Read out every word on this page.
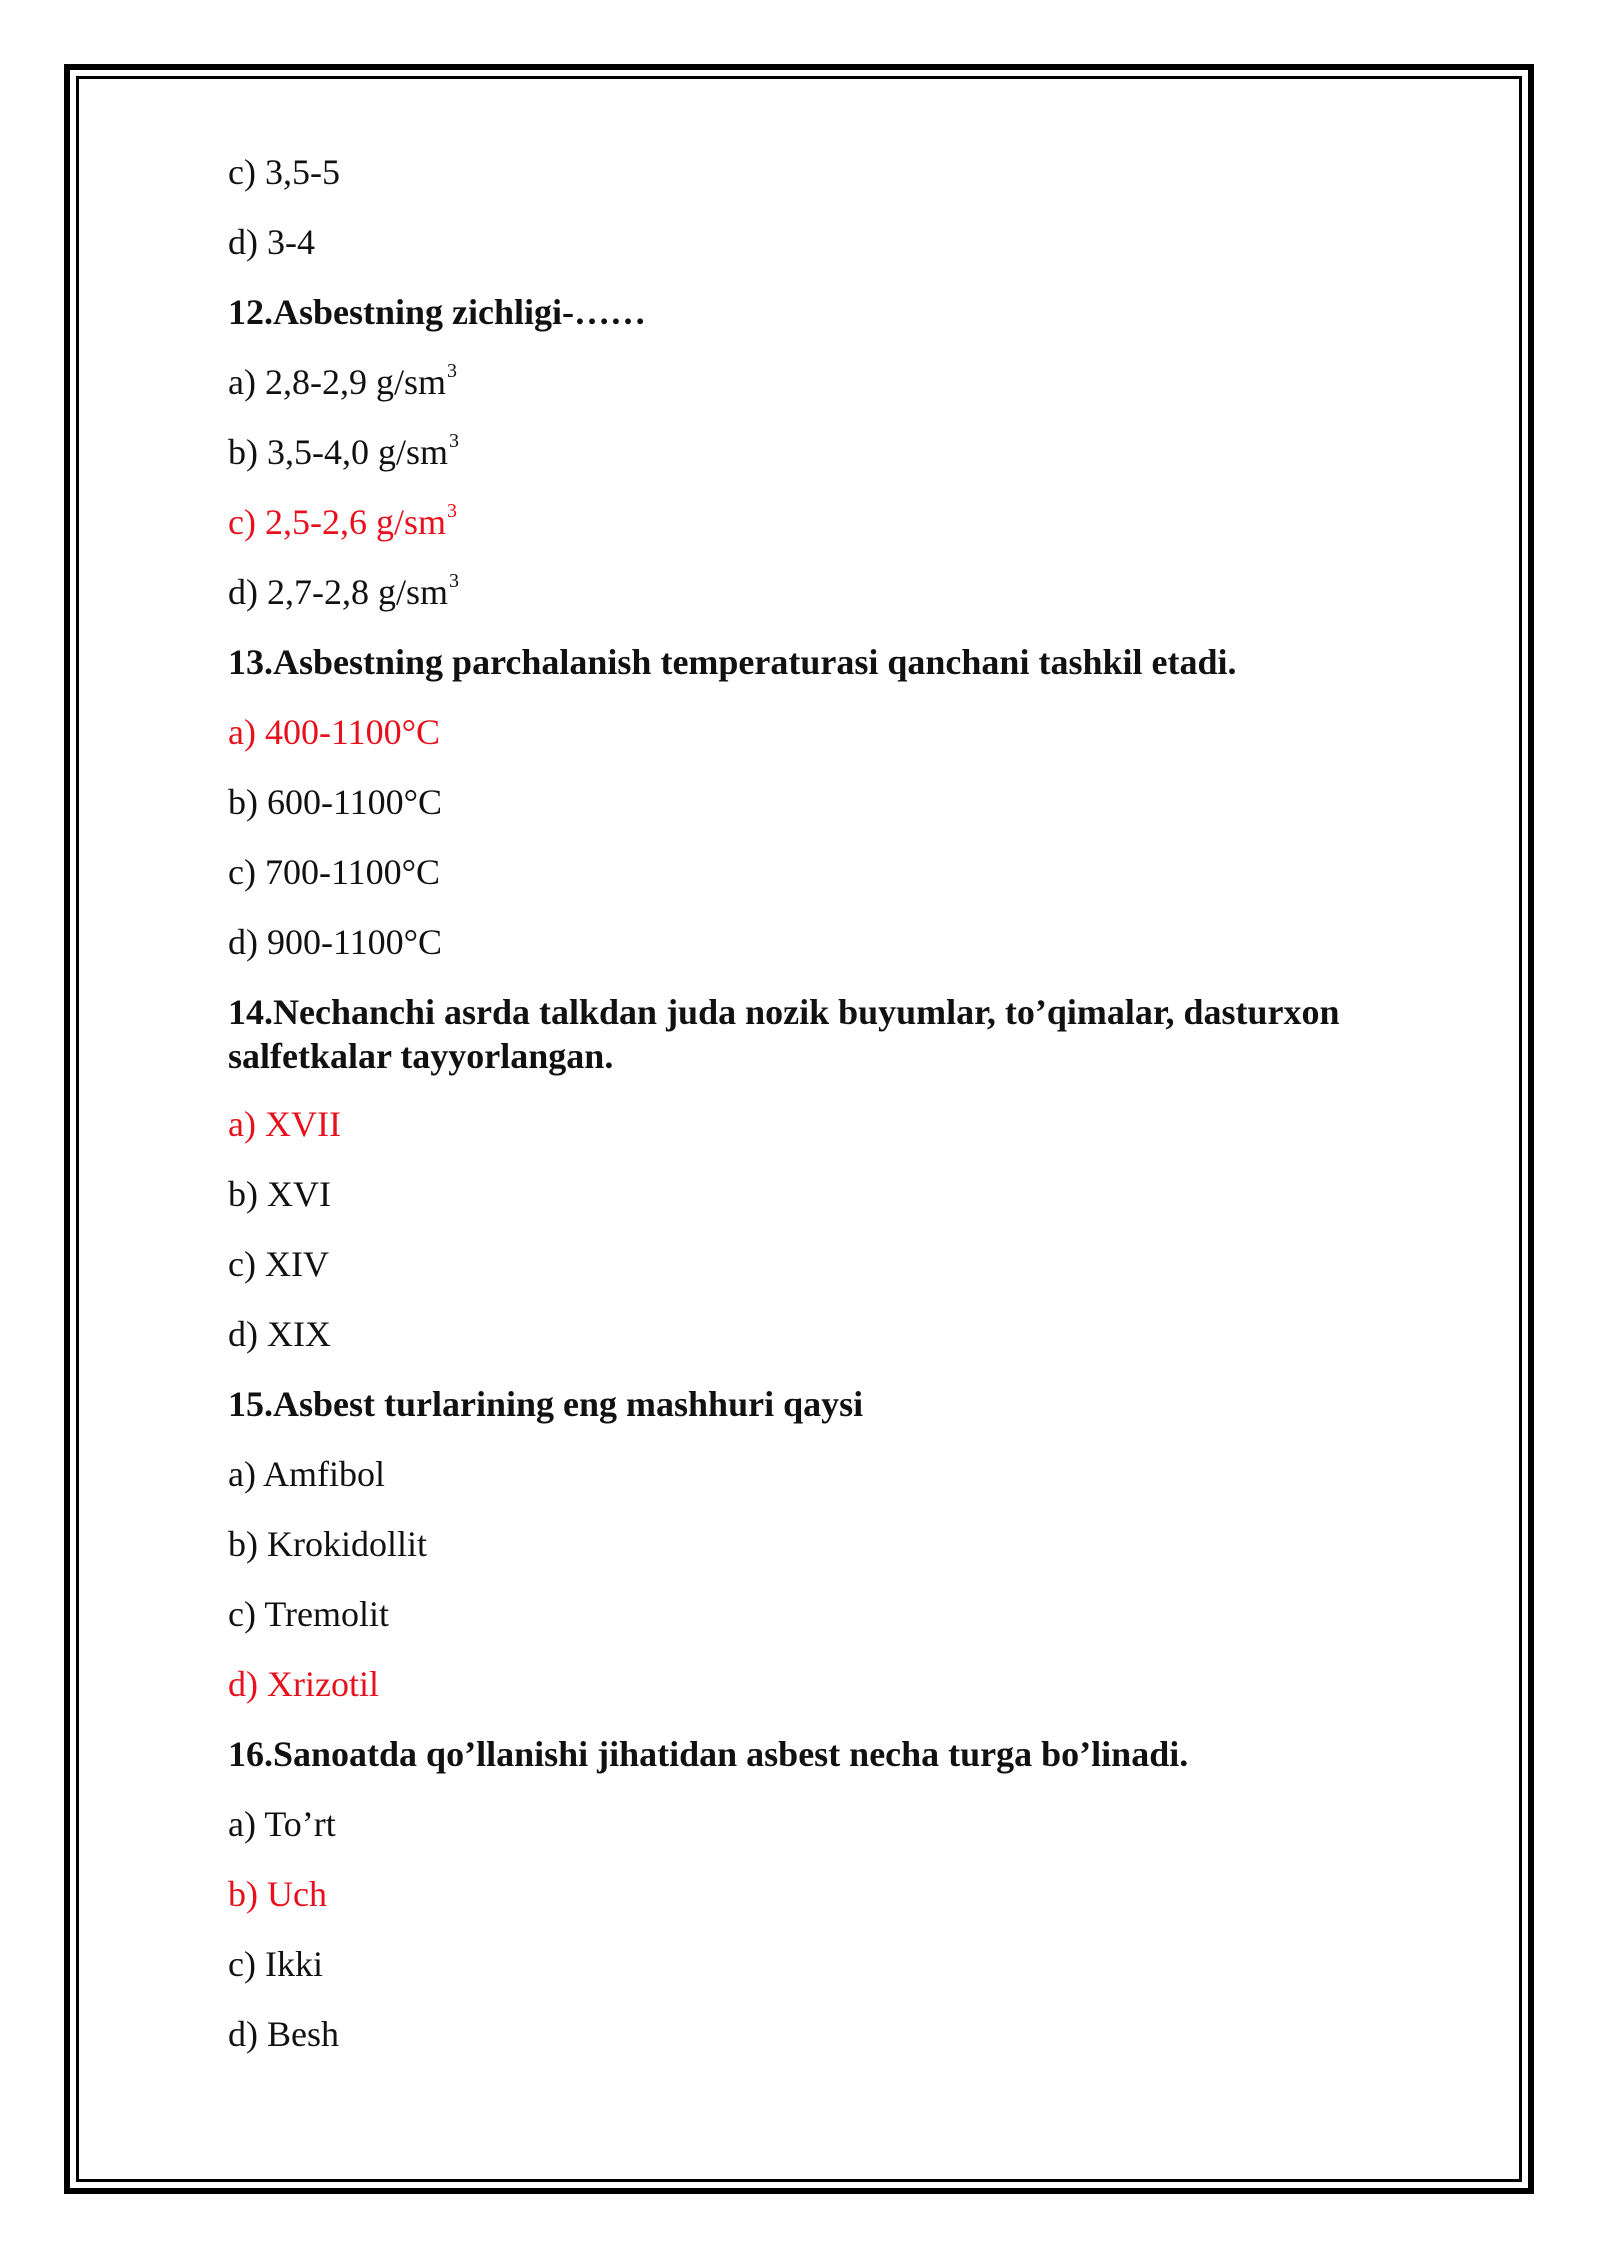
c) 3,5-5
d) 3-4
12.Asbestning zichligi-……
a) 2,8-2,9 $g/sm^3$
b) 3,5-4,0 $g/sm^3$
c) 2,5-2,6 $g/sm^3$
d) 2,7-2,8 $g/sm^3$
13.Asbestning parchalanish temperaturasi qanchani tashkil etadi.
a) 400-1100°C
b) 600-1100°C
c) 700-1100°C
d) 900-1100°C
14.Nechanchi asrda talkdan juda nozik buyumlar, to’qimalar, dasturxon
salfetkalar tayyorlangan.
a) XVII
b) XVI
c) XIV
d) XIX
15.Asbest turlarining eng mashhuri qaysi
a) Amfibol
b) Krokidollit
c) Tremolit
d) Xrizotil
16.Sanoatda qo’llanishi jihatidan asbest necha turga bo’linadi.
a) To’rt
b) Uch
c) Ikki
d) Besh
